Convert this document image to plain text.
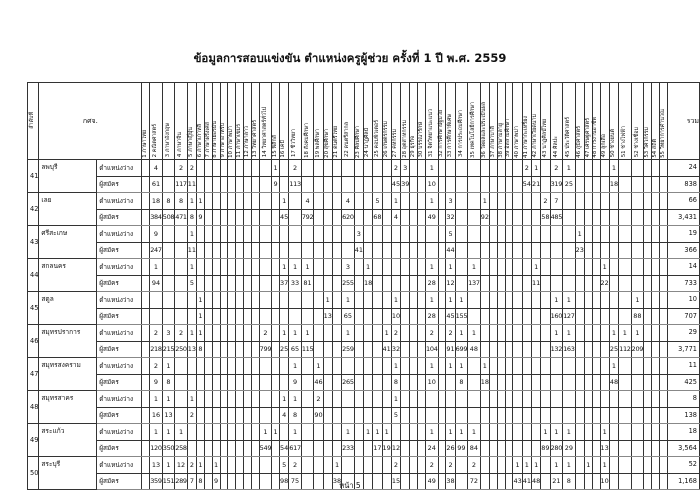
ข้อมูลการสอบแข่งขัน ตำแหน่งครูผู้ช่วย ครั้งที่ 1 ปี พ.ศ. 2559
ลำดับที่	กศจ.		1 ภาษาไทย	2 คณิตศาสตร์	3 ภาษาอังกฤษ	4 ภาษาจีน	5 ภาษาญี่ปุ่น	6 ภาษาเกาหลี	7 ภาษาฝรั่งเศส	8 ภาษาเยอรมัน	9 ภาษาอาหรับ	10 ภาษาพม่า	11 ภาษาเขมร	12 ภาษาลาว	13 วิทยาศาสตร์	14 วิทยาศาสตร์ทั่วไป	15 ฟิสิกส์	16 เคมี	17 ชีววิทยา	18 สังคมศึกษา	19 พลศึกษา	20 สุขศึกษา	21 ดนตรีไทย	22 ดนตรีสากล	23 ศิลปศึกษา	24 นาฏศิลป์	25 คอมพิวเตอร์	26 เกษตรกรรม	27 คหกรรม	28 อุตสาหกรรม	29 ธุรกิจ	30 บรรณารักษ์	31 จิตวิทยาแนะแนว	32 การศึกษาปฐมวัย	33 การศึกษาพิเศษ	34 การประถมศึกษา	35 เทคโนโลยีการศึกษา	36 วัดผลและประเมินผล	37 ภาษาบาลี	38 ภาษามลายู	39 อิสลามศึกษา	40 ภาษาพม่า	41 ภาษากะเหรี่ยง	42 ภาษาเวียดนาม	43 นาฏศิลป์ไทย	44 ศิลปะ	45 ประวัติศาสตร์	46 ภูมิศาสตร์	47 เศรษฐศาสตร์	48 การงานอาชีพ	49 ลูกเสือ	50 ช่างยนต์	51 ช่างไฟฟ้า	52 ช่างเชื่อม	53 วิศวกรรม	54 สถิติ	55 วิทยาการคำนวณ	รวม
41	ลพบุรี	ตำแหน่งว่าง		4		2	2										1		2										2	3			1										2	1		2	1					1						24
		ผู้สมัคร		61		117	11										9		113										45	39			10										54	21		319	25					18						838
42	เลย	ตำแหน่งว่าง		18	8	8	1	1										1		4				4			5		1				1		3			1							2	7												66
		ผู้สมัคร		384	508	471	8	9										45		792				620			68		4				49		32			92							58	485												3,431
43	ศรีสะเกษ	ตำแหน่งว่าง		9			1																		3										5													1										19
		ผู้สมัคร		247			11																		41										44													23										366
44	สกลนคร	ตำแหน่งว่าง		1			1											1	1	1				3		1							1		1		1							1							1							14
		ผู้สมัคร		94			5											37	33	81				255		18							28		12		137							11							22							733
45	สตูล	ตำแหน่งว่าง						1														1		1					1				1		1	1										1	1							1				10
		ผู้สมัคร						1														13		65					10				28		45	155										160	127							88				707
46	สมุทรปราการ	ตำแหน่งว่าง		2	3	2	1	1								2		1	1	1				1				1	2				2		2	1	1									1	1					1	1	1				29
		ผู้สมัคร		218	215	250	13	8								799		25	65	115				259				41	32				104		91	699	48									132	163					25	112	209				3,771
47	สมุทรสงคราม	ตำแหน่งว่าง		2	1														1		1								1				1		1	1		1														1						11
		ผู้สมัคร		9	8														9		46			265					8				10			8		18														48						425
48	สมุทรสาคร	ตำแหน่งว่าง		1	1		1											1	1		2								1																													8
		ผู้สมัคร		16	13		2											4	8		90								5																													138
49	สระแก้ว	ตำแหน่งว่าง		1	1	1										1	1		1					1		1	1	1					1		1	1	1								1	1	1				1							18
		ผู้สมัคร		120	350	258										549		54	617					233			17	19	12				24		26	99	84								89	280	29				13							3,564
50	สระบุรี	ตำแหน่งว่าง		13	1	12	2	1		1								5	2				1						2				2		2		2					1	1	1		1	1		1		1							52
		ผู้สมัคร		359	151	289	7	8		9								98	75				38						15				49		38		72					43	41	48		21	8				10							1,168
หน้า 5
